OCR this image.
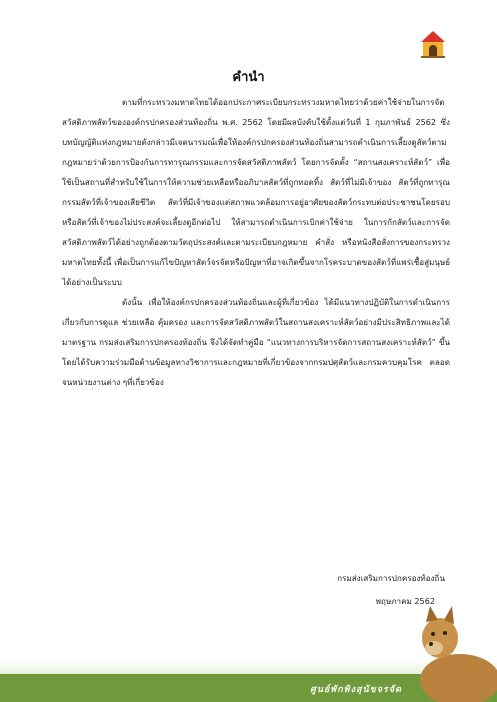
คำนำ

ตามที่กระทรวงมหาดไทยได้ออกประกาศระเบียบกระทรวงมหาดไทยว่าด้วยค่าใช้จ่ายในการจัดสวัสดิภาพสัตว์ขององค์กรปกครองส่วนท้องถิ่น พ.ศ. 2562 โดยมีผลบังคับใช้ตั้งแต่วันที่ 1 กุมภาพันธ์ 2562 ซึ่งบทบัญญัติแห่งกฎหมายดังกล่าวมีเจตนารมณ์เพื่อให้องค์กรปกครองส่วนท้องถิ่นสามารถดำเนินการเลี้ยงดูสัตว์ตามกฎหมายว่าด้วยการป้องกันการทารุณกรรมและการจัดสวัสดิภาพสัตว์ โดยการจัดตั้ง “สถานสงเคราะห์สัตว์” เพื่อใช้เป็นสถานที่สำหรับใช้ในการให้ความช่วยเหลือหรืออภิบาลสัตว์ที่ถูกทอดทิ้ง สัตว์ที่ไม่มีเจ้าของ สัตว์ที่ถูกทารุณกรรมสัตว์ที่เจ้าของเสียชีวิต สัตว์ที่มีเจ้าของแต่สภาพแวดล้อมการอยู่อาศัยของสัตว์กระทบต่อประชาชนโดยรอบ หรือสัตว์ที่เจ้าของไม่ประสงค์จะเลี้ยงดูอีกต่อไป ให้สามารถดำเนินการเบิกค่าใช้จ่าย ในการกักสัตว์และการจัดสวัสดิภาพสัตว์ได้อย่างถูกต้องตามวัตถุประสงค์และตามระเบียบกฎหมาย คำสั่ง หรือหนังสือสั่งการของกระทรวงมหาดไทยทั้งนี้ เพื่อเป็นการแก้ไขปัญหาสัตว์จรจัดหรือปัญหาที่อาจเกิดขึ้นจากโรคระบาดของสัตว์ที่แพร่เชื้อสู่มนุษย์ได้อย่างเป็นระบบ

ดังนั้น เพื่อให้องค์กรปกครองส่วนท้องถิ่นและผู้ที่เกี่ยวข้อง ได้มีแนวทางปฏิบัติในการดำเนินการเกี่ยวกับการดูแล ช่วยเหลือ คุ้มครอง และการจัดสวัสดิภาพสัตว์ในสถานสงเคราะห์สัตว์อย่างมีประสิทธิภาพและได้มาตรฐาน กรมส่งเสริมการปกครองท้องถิ่น จึงได้จัดทำคู่มือ “แนวทางการบริหารจัดการสถานสงเคราะห์สัตว์” ขึ้น โดยได้รับความร่วมมือด้านข้อมูลทางวิชาการและกฎหมายที่เกี่ยวข้องจากกรมปศุสัตว์และกรมควบคุมโรค ตลอดจนหน่วยงานต่าง ๆที่เกี่ยวข้อง

กรมส่งเสริมการปกครองท้องถิ่น
พฤษภาคม 2562
ศูนย์พักพิงสุนัขจรจัด
